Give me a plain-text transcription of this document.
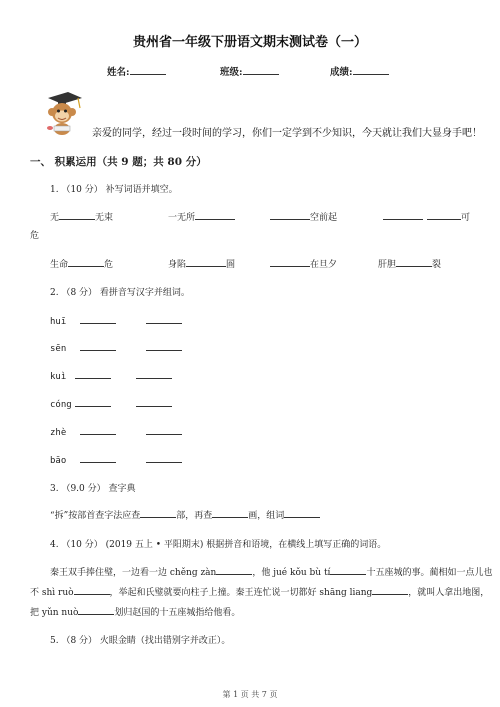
贵州省一年级下册语文期末测试卷（一）
姓名:	班级:	成绩:
亲爱的同学，经过一段时间的学习，你们一定学到不少知识，今天就让我们大显身手吧！
一、 积累运用（共 9 题；共 80 分）
1. （10 分） 补写词语并填空。
无	无束	一无所	空前起	可
危
生命	危	身陷	圄	在旦夕	肝胆	裂
2. （8 分） 看拼音写汉字并组词。
huī
sēn
kuì
cóng
zhè
bāo
3. （9.0 分） 查字典
“拆”按部首查字法应查	部，再查	画，组词
4. （10 分） (2019 五上 • 平阳期末) 根据拼音和语境，在横线上填写正确的词语。
秦王双手捧住璧，一边看一边 chěng zàn	，他 jué kǒu bù tí	十五座城的事。蔺相如一点儿也
不 shì ruò	，举起和氏璧就要向柱子上撞。秦王连忙说一切都好 shāng liang	，就叫人拿出地图，
把 yǔn nuò	划归赵国的十五座城指给他看。
5. （8 分） 火眼金睛（找出错别字并改正）。
第 1 页 共 7 页
